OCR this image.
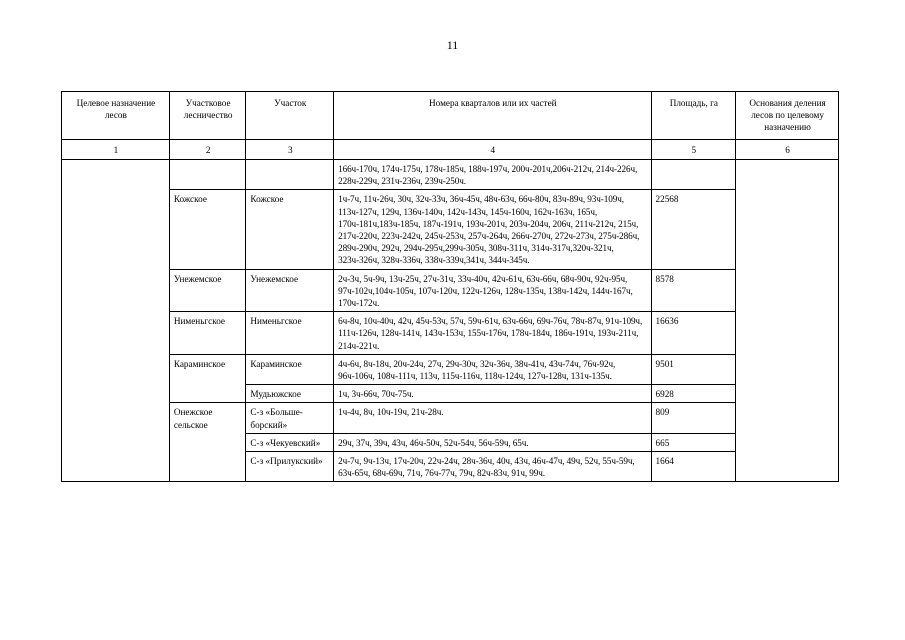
11
Целевое назначение лесов	Участковое лесничество	Участок	Номера кварталов или их частей	Площадь, га	Основания деления лесов по целевому назначению
1	2	3	4	5	6
			166ч-170ч, 174ч-175ч, 178ч-185ч, 188ч-197ч, 200ч-201ч,206ч-212ч, 214ч-226ч, 228ч-229ч, 231ч-236ч, 239ч-250ч.		
	Кожское	Кожское	1ч-7ч, 11ч-26ч, 30ч, 32ч-33ч, 36ч-45ч, 48ч-63ч, 66ч-80ч, 83ч-89ч, 93ч-109ч, 113ч-127ч, 129ч, 136ч-140ч, 142ч-143ч, 145ч-160ч, 162ч-163ч, 165ч, 170ч-181ч,183ч-185ч, 187ч-191ч, 193ч-201ч, 203ч-204ч, 206ч, 211ч-212ч, 215ч, 217ч-220ч, 223ч-242ч, 245ч-253ч, 257ч-264ч, 266ч-270ч, 272ч-273ч, 275ч-286ч, 289ч-290ч, 292ч, 294ч-295ч,299ч-305ч, 308ч-311ч, 314ч-317ч,320ч-321ч, 323ч-326ч, 328ч-336ч, 338ч-339ч,341ч, 344ч-345ч.	22568	
	Унежемское	Унежемское	2ч-3ч, 5ч-9ч, 13ч-25ч, 27ч-31ч, 33ч-40ч, 42ч-61ч, 63ч-66ч, 68ч-90ч, 92ч-95ч, 97ч-102ч,104ч-105ч, 107ч-120ч, 122ч-126ч, 128ч-135ч, 138ч-142ч, 144ч-167ч, 170ч-172ч.	8578	
	Нименьгское	Нименьгское	6ч-8ч, 10ч-40ч, 42ч, 45ч-53ч, 57ч, 59ч-61ч, 63ч-66ч, 69ч-76ч, 78ч-87ч, 91ч-109ч, 111ч-126ч, 128ч-141ч, 143ч-153ч, 155ч-176ч, 178ч-184ч, 186ч-191ч, 193ч-211ч, 214ч-221ч.	16636	
	Караминское	Караминское	4ч-6ч, 8ч-18ч, 20ч-24ч, 27ч, 29ч-30ч, 32ч-36ч, 38ч-41ч, 43ч-74ч, 76ч-92ч, 96ч-106ч, 108ч-111ч, 113ч, 115ч-116ч, 118ч-124ч, 127ч-128ч, 131ч-135ч.	9501	
		Мудьюжское	1ч, 3ч-66ч, 70ч-75ч.	6928	
	Онежское сельское	С-з «Больше-борский»	1ч-4ч, 8ч, 10ч-19ч, 21ч-28ч.	809	
		С-з «Чекуевский»	29ч, 37ч, 39ч, 43ч, 46ч-50ч, 52ч-54ч, 56ч-59ч, 65ч.	665	
		С-з «Прилукский»	2ч-7ч, 9ч-13ч, 17ч-20ч, 22ч-24ч, 28ч-36ч, 40ч, 43ч, 46ч-47ч, 49ч, 52ч, 55ч-59ч, 63ч-65ч, 68ч-69ч, 71ч, 76ч-77ч, 79ч, 82ч-83ч, 91ч, 99ч.	1664	
